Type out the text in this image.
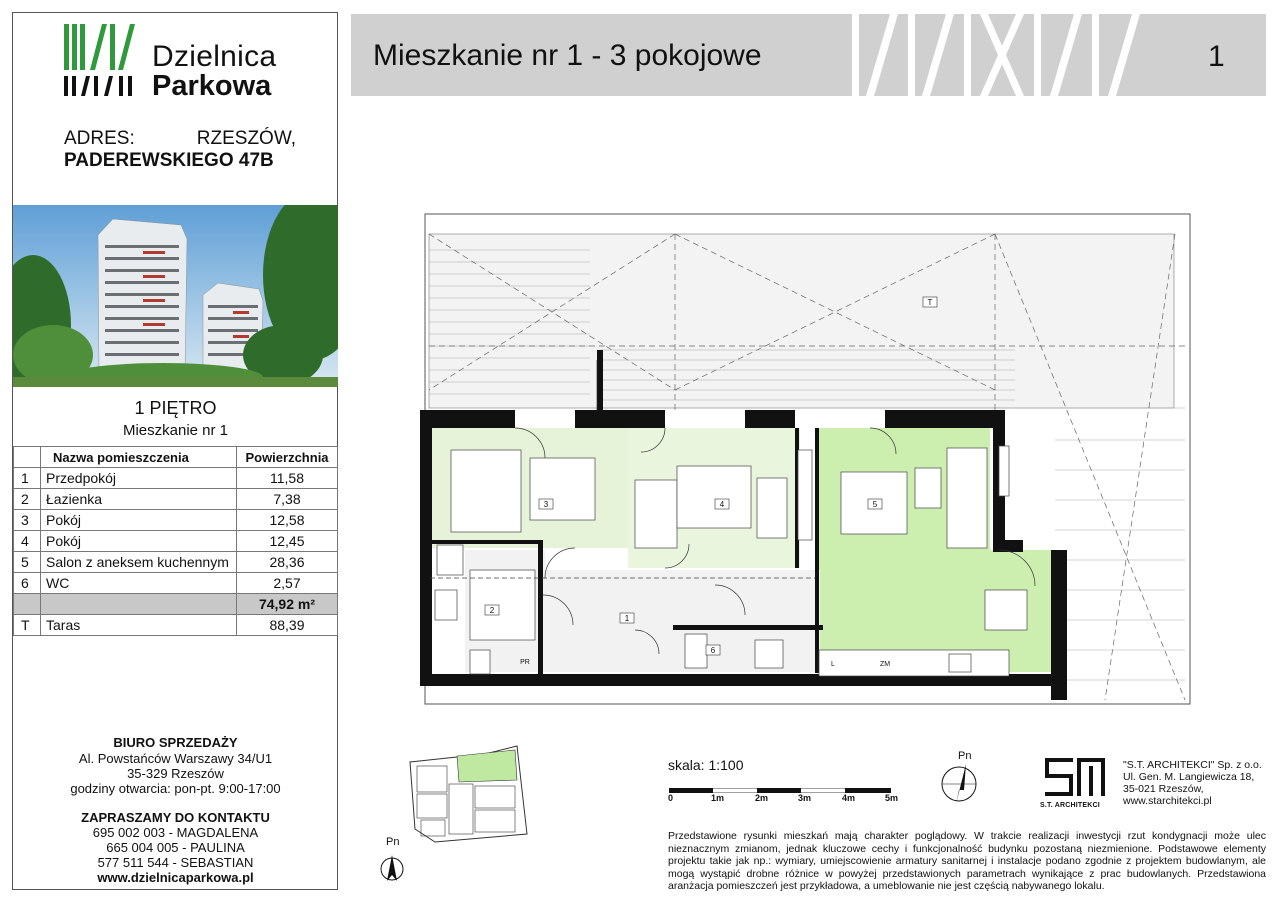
Dzielnica
Parkowa
ADRES:	RZESZÓW,
PADEREWSKIEGO 47B
1 PIĘTRO
Mieszkanie nr 1
	Nazwa pomieszczenia	Powierzchnia
1	Przedpokój	11,58
2	Łazienka	7,38
3	Pokój	12,58
4	Pokój	12,45
5	Salon z aneksem kuchennym	28,36
6	WC	2,57
		74,92 m²
T	Taras	88,39
BIURO SPRZEDAŻY
Al. Powstańców Warszawy 34/U1
35-329 Rzeszów
godziny otwarcia: pon-pt. 9:00-17:00
ZAPRASZAMY DO KONTAKTU
695 002 003 - MAGDALENA
665 004 005 - PAULINA
577 511 544 - SEBASTIAN
www.dzielnicaparkowa.pl
Mieszkanie nr 1 - 3 pokojowe	1
T
3	4	5
2
1
6
PR	L	ZM
Pn
Pn
skala: 1:100
0	1m	2m	3m	4m	5m
S.T. ARCHITEKCI
"S.T. ARCHITEKCI" Sp. z o.o.
Ul. Gen. M. Langiewicza 18,
35-021 Rzeszów,
www.starchitekci.pl
Przedstawione rysunki mieszkań mają charakter poglądowy. W trakcie realizacji inwestycji rzut kondygnacji może ulec nieznacznym zmianom, jednak kluczowe cechy i funkcjonalność budynku pozostaną niezmienione. Podstawowe elementy projektu takie jak np.: wymiary, umiejscowienie armatury sanitarnej i instalacje podano zgodnie z projektem budowlanym, ale mogą wystąpić drobne różnice w powyżej przedstawionych parametrach wynikające z prac budowlanych. Przedstawiona aranżacja pomieszczeń jest przykładowa, a umeblowanie nie jest częścią nabywanego lokalu.
